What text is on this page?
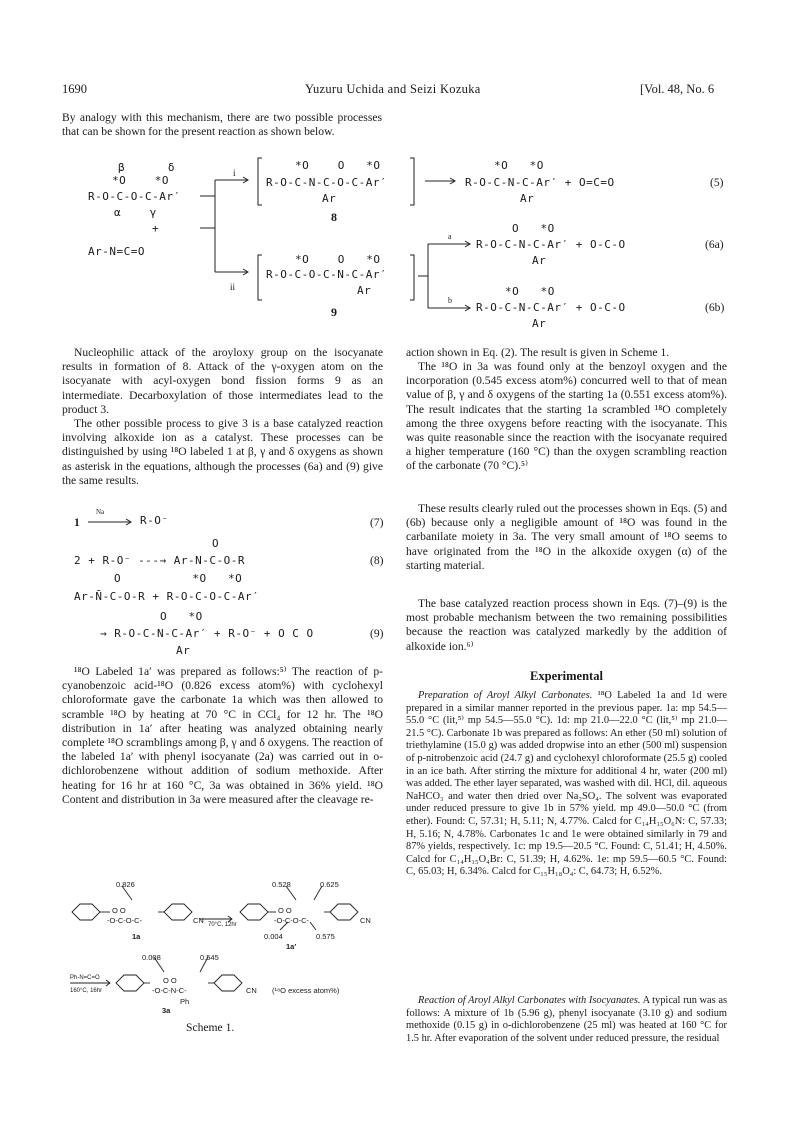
1690	Yuzuru Uchida and Seizi Kozuka	[Vol. 48, No. 6

By analogy with this mechanism, there are two possible processes that can be shown for the present reaction as shown below.

β      δ
*O    *O
R-O-C-O-C-Ar′
α    γ
+
Ar-N=C=O
i
ii
*O    O   *O
R-O-C-N-C-O-C-Ar′
Ar
8
*O   *O
R-O-C-N-C-Ar′ + O=C=O
Ar
(5)
*O    O   *O
R-O-C-O-C-N-C-Ar′
Ar
9
a
O   *O
R-O-C-N-C-Ar′ + O-C-O
Ar
(6a)
b
*O   *O
R-O-C-N-C-Ar′ + O-C-O
Ar
(6b)

Nucleophilic attack of the aroyloxy group on the isocyanate results in formation of 8. Attack of the γ-oxygen atom on the isocyanate with acyl-oxygen bond fission forms 9 as an intermediate. Decarboxylation of those intermediates lead to the product 3.

The other possible process to give 3 is a base catalyzed reaction involving alkoxide ion as a catalyst. These processes can be distinguished by using ¹⁸O labeled 1 at β, γ and δ oxygens as shown as asterisk in the equations, although the processes (6a) and (9) give the same results.

1
Na
R-O⁻	(7)
O
2 + R-O⁻ ---→ Ar-N-C-O-R	(8)
O          *O   *O
Ar-N̄-C-O-R + R-O-C-O-C-Ar′
O   *O
→ R-O-C-N-C-Ar′ + R-O⁻ + O C O
Ar
(9)

¹⁸O Labeled 1a′ was prepared as follows:⁵⁾ The reaction of p-cyanobenzoic acid-¹⁸O (0.826 excess atom%) with cyclohexyl chloroformate gave the carbonate 1a which was then allowed to scramble ¹⁸O by heating at 70 °C in CCl₄ for 12 hr. The ¹⁸O distribution in 1a′ after heating was analyzed obtaining nearly complete ¹⁸O scramblings among β, γ and δ oxygens. The reaction of the labeled 1a′ with phenyl isocyanate (2a) was carried out in o-dichlorobenzene without addition of sodium methoxide. After heating for 16 hr at 160 °C, 3a was obtained in 36% yield. ¹⁸O Content and distribution in 3a were measured after the cleavage re-

0.826	0.528	0.625
O O
-O-C-O-C-	CN 70°C, 12hr
1a
O O
-O-C-O-C-	CN
0.004	0.575
1a′
0.008	0.545
Ph-N=C=O
160°C, 16hr
O O
-O-C-N-C-	CN
Ph
(¹⁸O excess atom%)
3a
Scheme 1.

action shown in Eq. (2). The result is given in Scheme 1.

The ¹⁸O in 3a was found only at the benzoyl oxygen and the incorporation (0.545 excess atom%) concurred well to that of mean value of β, γ and δ oxygens of the starting 1a (0.551 excess atom%). The result indicates that the starting 1a scrambled ¹⁸O completely among the three oxygens before reacting with the isocyanate. This was quite reasonable since the reaction with the isocyanate required a higher temperature (160 °C) than the oxygen scrambling reaction of the carbonate (70 °C).⁵⁾

These results clearly ruled out the processes shown in Eqs. (5) and (6b) because only a negligible amount of ¹⁸O was found in the carbanilate moiety in 3a. The very small amount of ¹⁸O seems to have originated from the ¹⁸O in the alkoxide oxygen (α) of the starting material.

The base catalyzed reaction process shown in Eqs. (7)–(9) is the most probable mechanism between the two remaining possibilities because the reaction was catalyzed markedly by the addition of alkoxide ion.⁶⁾

Experimental

Preparation of Aroyl Alkyl Carbonates. ¹⁸O Labeled 1a and 1d were prepared in a similar manner reported in the previous paper. 1a: mp 54.5—55.0 °C (lit,⁵⁾ mp 54.5—55.0 °C). 1d: mp 21.0—22.0 °C (lit,⁵⁾ mp 21.0—21.5 °C). Carbonate 1b was prepared as follows: An ether (50 ml) solution of triethylamine (15.0 g) was added dropwise into an ether (500 ml) suspension of p-nitrobenzoic acid (24.7 g) and cyclohexyl chloroformate (25.5 g) cooled in an ice bath. After stirring the mixture for additional 4 hr, water (200 ml) was added. The ether layer separated, was washed with dil. HCl, dil. aqueous NaHCO₃ and water then dried over Na₂SO₄. The solvent was evaporated under reduced pressure to give 1b in 57% yield. mp 49.0—50.0 °C (from ether). Found: C, 57.31; H, 5.11; N, 4.77%. Calcd for C₁₄H₁₅O₆N: C, 57.33; H, 5.16; N, 4.78%. Carbonates 1c and 1e were obtained similarly in 79 and 87% yields, respectively. 1c: mp 19.5—20.5 °C. Found: C, 51.41; H, 4.50%. Calcd for C₁₄H₁₅O₄Br: C, 51.39; H, 4.62%. 1e: mp 59.5—60.5 °C. Found: C, 65.03; H, 6.34%. Calcd for C₁₅H₁₈O₄: C, 64.73; H, 6.52%.

Reaction of Aroyl Alkyl Carbonates with Isocyanates. A typical run was as follows: A mixture of 1b (5.96 g), phenyl isocyanate (3.10 g) and sodium methoxide (0.15 g) in o-dichlorobenzene (25 ml) was heated at 160 °C for 1.5 hr. After evaporation of the solvent under reduced pressure, the residual
